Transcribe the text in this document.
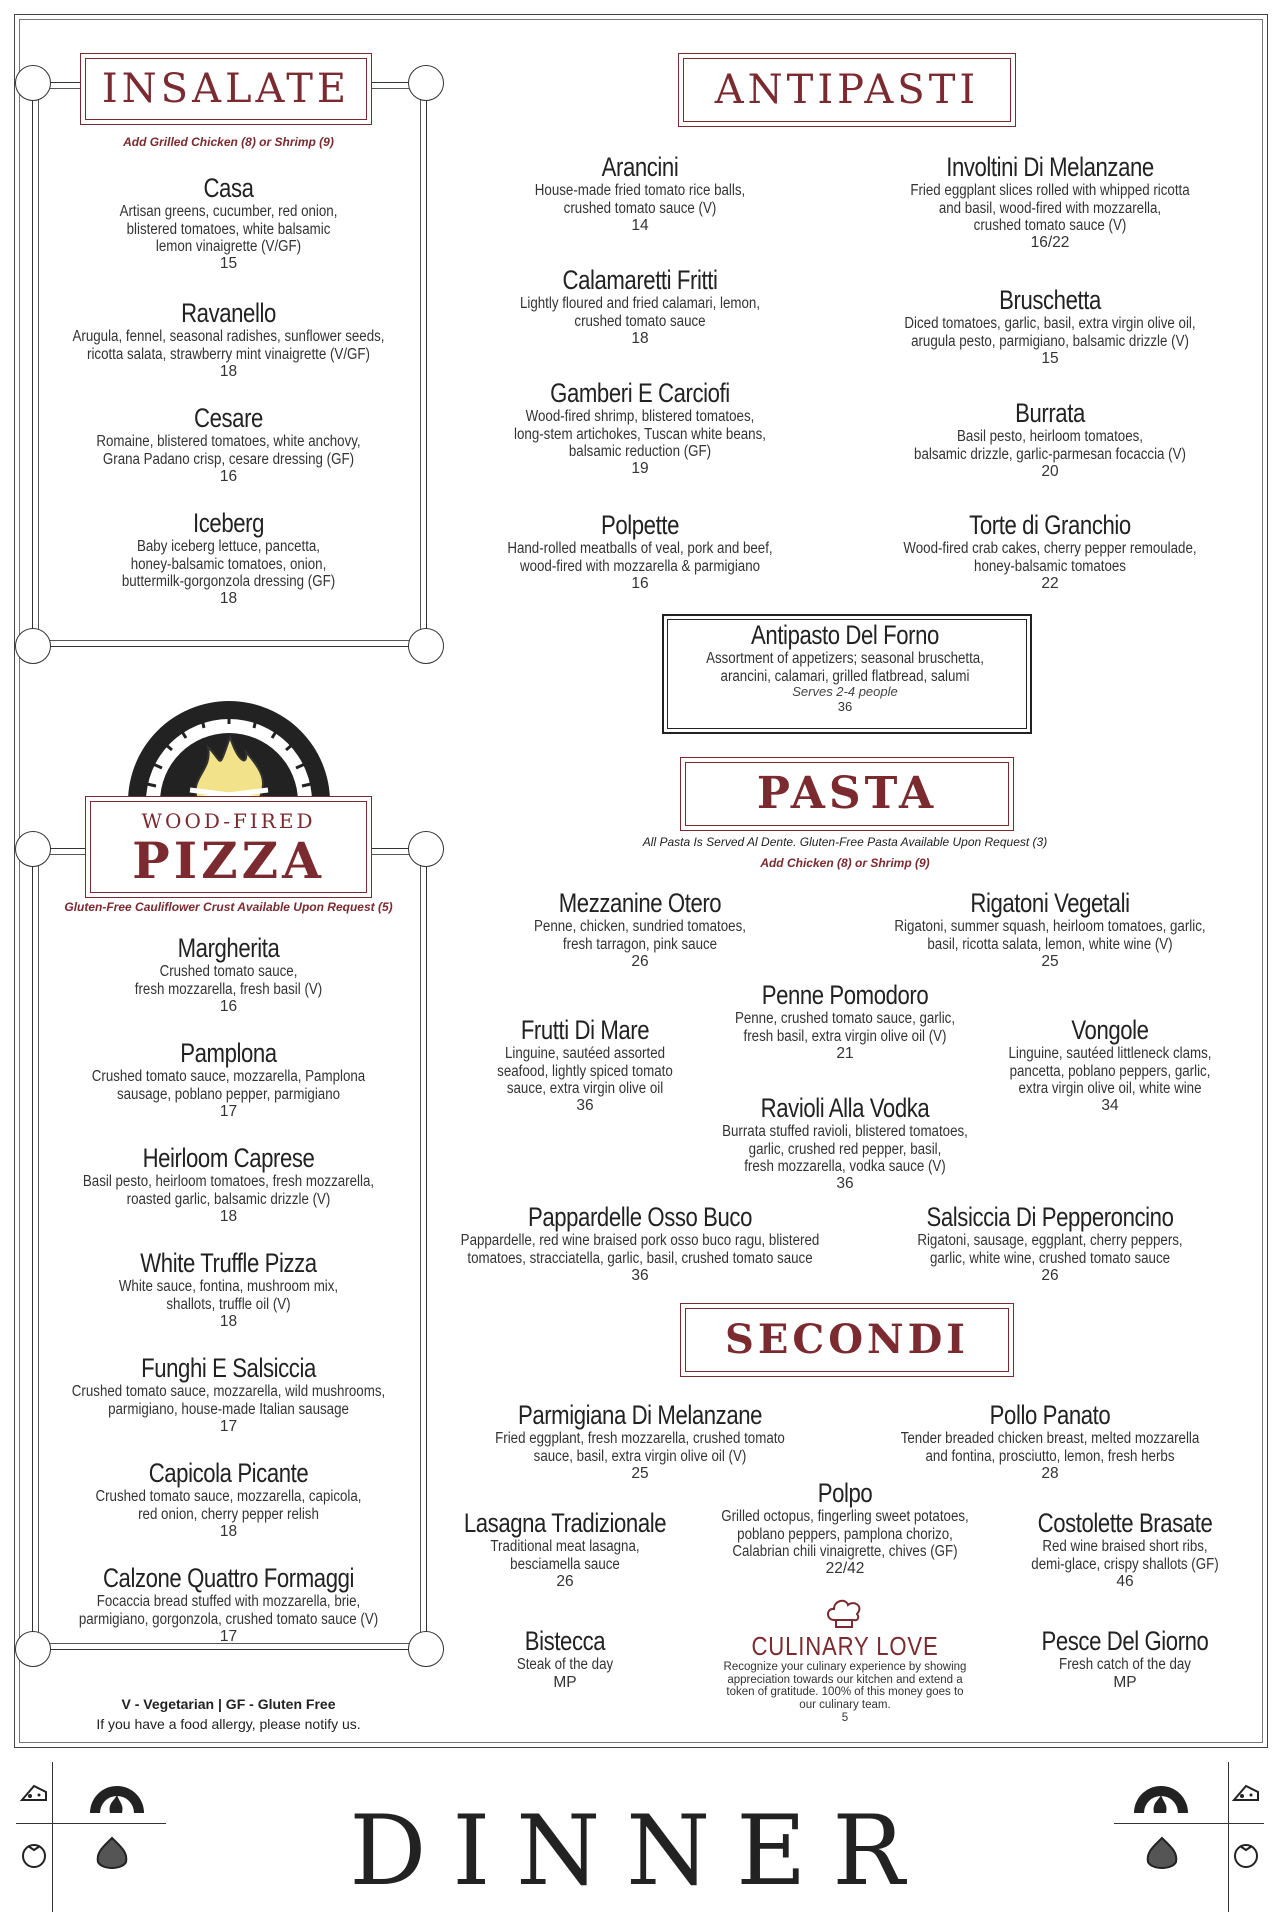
INSALATE
Add Grilled Chicken (8) or Shrimp (9)
Casa
Artisan greens, cucumber, red onion,
blistered tomatoes, white balsamic
lemon vinaigrette (V/GF)
15
Ravanello
Arugula, fennel, seasonal radishes, sunflower seeds,
ricotta salata, strawberry mint vinaigrette (V/GF)
18
Cesare
Romaine, blistered tomatoes, white anchovy,
Grana Padano crisp, cesare dressing (GF)
16
Iceberg
Baby iceberg lettuce, pancetta,
honey-balsamic tomatoes, onion,
buttermilk-gorgonzola dressing (GF)
18
WOOD-FIRED
PIZZA
Gluten-Free Cauliflower Crust Available Upon Request (5)
Margherita
Crushed tomato sauce,
fresh mozzarella, fresh basil (V)
16
Pamplona
Crushed tomato sauce, mozzarella, Pamplona
sausage, poblano pepper, parmigiano
17
Heirloom Caprese
Basil pesto, heirloom tomatoes, fresh mozzarella,
roasted garlic, balsamic drizzle (V)
18
White Truffle Pizza
White sauce, fontina, mushroom mix,
shallots, truffle oil (V)
18
Funghi E Salsiccia
Crushed tomato sauce, mozzarella, wild mushrooms,
parmigiano, house-made Italian sausage
17
Capicola Picante
Crushed tomato sauce, mozzarella, capicola,
red onion, cherry pepper relish
18
Calzone Quattro Formaggi
Focaccia bread stuffed with mozzarella, brie,
parmigiano, gorgonzola, crushed tomato sauce (V)
17
V - Vegetarian | GF - Gluten Free
If you have a food allergy, please notify us.
ANTIPASTI
Arancini
House-made fried tomato rice balls,
crushed tomato sauce (V)
14
Involtini Di Melanzane
Fried eggplant slices rolled with whipped ricotta
and basil, wood-fired with mozzarella,
crushed tomato sauce (V)
16/22
Calamaretti Fritti
Lightly floured and fried calamari, lemon,
crushed tomato sauce
18
Bruschetta
Diced tomatoes, garlic, basil, extra virgin olive oil,
arugula pesto, parmigiano, balsamic drizzle (V)
15
Gamberi E Carciofi
Wood-fired shrimp, blistered tomatoes,
long-stem artichokes, Tuscan white beans,
balsamic reduction (GF)
19
Burrata
Basil pesto, heirloom tomatoes,
balsamic drizzle, garlic-parmesan focaccia (V)
20
Polpette
Hand-rolled meatballs of veal, pork and beef,
wood-fired with mozzarella & parmigiano
16
Torte di Granchio
Wood-fired crab cakes, cherry pepper remoulade,
honey-balsamic tomatoes
22
Antipasto Del Forno
Assortment of appetizers; seasonal bruschetta,
arancini, calamari, grilled flatbread, salumi
Serves 2-4 people
36
PASTA
All Pasta Is Served Al Dente. Gluten-Free Pasta Available Upon Request (3)
Add Chicken (8) or Shrimp (9)
Mezzanine Otero
Penne, chicken, sundried tomatoes,
fresh tarragon, pink sauce
26
Rigatoni Vegetali
Rigatoni, summer squash, heirloom tomatoes, garlic,
basil, ricotta salata, lemon, white wine (V)
25
Penne Pomodoro
Penne, crushed tomato sauce, garlic,
fresh basil, extra virgin olive oil (V)
21
Frutti Di Mare
Linguine, sautéed assorted
seafood, lightly spiced tomato
sauce, extra virgin olive oil
36
Vongole
Linguine, sautéed littleneck clams,
pancetta, poblano peppers, garlic,
extra virgin olive oil, white wine
34
Ravioli Alla Vodka
Burrata stuffed ravioli, blistered tomatoes,
garlic, crushed red pepper, basil,
fresh mozzarella, vodka sauce (V)
36
Pappardelle Osso Buco
Pappardelle, red wine braised pork osso buco ragu, blistered
tomatoes, stracciatella, garlic, basil, crushed tomato sauce
36
Salsiccia Di Pepperoncino
Rigatoni, sausage, eggplant, cherry peppers,
garlic, white wine, crushed tomato sauce
26
SECONDI
Parmigiana Di Melanzane
Fried eggplant, fresh mozzarella, crushed tomato
sauce, basil, extra virgin olive oil (V)
25
Pollo Panato
Tender breaded chicken breast, melted mozzarella
and fontina, prosciutto, lemon, fresh herbs
28
Polpo
Grilled octopus, fingerling sweet potatoes,
poblano peppers, pamplona chorizo,
Calabrian chili vinaigrette, chives (GF)
22/42
Lasagna Tradizionale
Traditional meat lasagna,
besciamella sauce
26
Costolette Brasate
Red wine braised short ribs,
demi-glace, crispy shallots (GF)
46
Bistecca
Steak of the day
MP
Pesce Del Giorno
Fresh catch of the day
MP
CULINARY LOVE
Recognize your culinary experience by showing
appreciation towards our kitchen and extend a
token of gratitude. 100% of this money goes to
our culinary team.
5
DINNER
